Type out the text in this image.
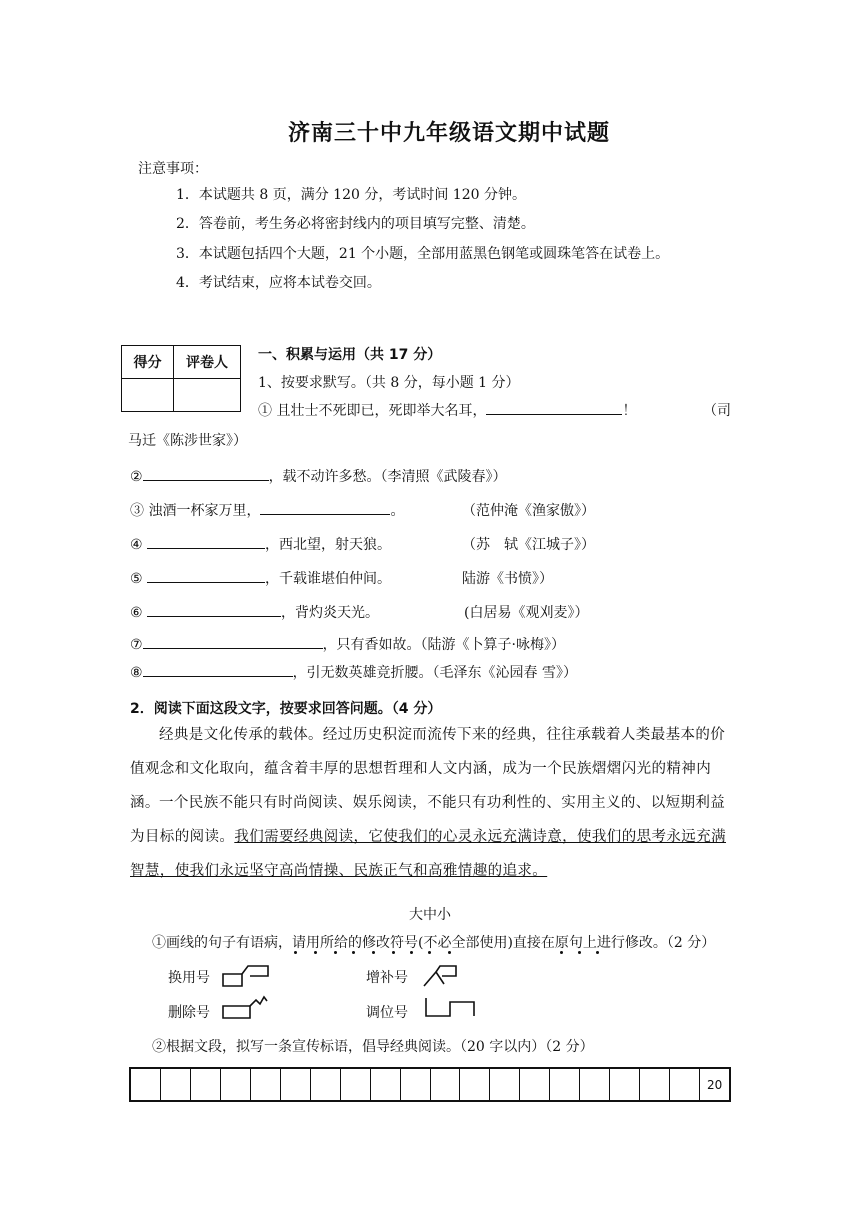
济南三十中九年级语文期中试题
注意事项：
1．本试题共 8 页，满分 120 分，考试时间 120 分钟。
2．答卷前，考生务必将密封线内的项目填写完整、清楚。
3．本试题包括四个大题，21 个小题，全部用蓝黑色钢笔或圆珠笔答在试卷上。
4．考试结束，应将本试卷交回。
得分	评卷人
	一、积累与运用（共 17 分）
1、按要求默写。（共 8 分，每小题 1 分）
① 且壮士不死即已，死即举大名耳，	！	（司
马迁《陈涉世家》）
②	，载不动许多愁。（李清照《武陵春》）
③ 浊酒一杯家万里，	。	（范仲淹《渔家傲》）
④	，西北望，射天狼。	（苏　轼《江城子》）
⑤	，千载谁堪伯仲间。	陆游《书愤》）
⑥	，背灼炎天光。	(白居易《观刈麦》）
⑦	，只有香如故。（陆游《卜算子·咏梅》）
⑧	，引无数英雄竞折腰。（毛泽东《沁园春 雪》）
2．阅读下面这段文字，按要求回答问题。（4 分）
经典是文化传承的载体。经过历史积淀而流传下来的经典，往往承载着人类最基本的价值观念和文化取向，蕴含着丰厚的思想哲理和人文内涵，成为一个民族熠熠闪光的精神内涵。 一个民族不能只有时尚阅读、娱乐阅读，不能只有功利性的、实用主义的、以短期利益为目标的阅读。我们需要经典阅读，它使我们的心灵永远充满诗意，使我们的思考永远充满智慧，使我们永远坚守高尚情操、民族正气和高雅情趣的追求。
大中小
①画线的句子有语病，请用所给的修改符号(不必全部使用)直接在原句上进行修改。（2 分）
换用号	增补号
删除号	调位号
②根据文段，拟写一条宣传标语，倡导经典阅读。（20 字以内）（2 分）
20
